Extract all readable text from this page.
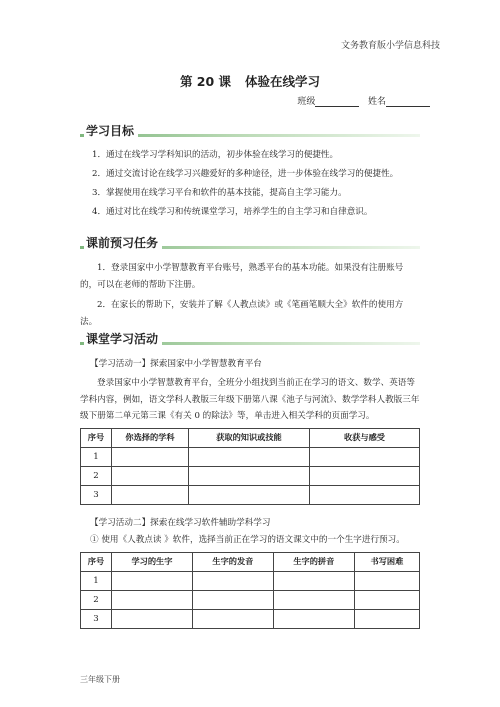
文务教育版小学信息科技
第 20 课 体验在线学习
班级	姓名
学习目标
1．通过在线学习学科知识的活动，初步体验在线学习的便捷性。
2．通过交流讨论在线学习兴趣爱好的多种途径，进一步体验在线学习的便捷性。
3．掌握使用在线学习平台和软件的基本技能，提高自主学习能力。
4．通过对比在线学习和传统课堂学习，培养学生的自主学习和自律意识。
课前预习任务
1．登录国家中小学智慧教育平台账号，熟悉平台的基本功能。如果没有注册账号的，可以在老师的帮助下注册。
2．在家长的帮助下，安装并了解《人教点读》或《笔画笔顺大全》软件的使用方法。
课堂学习活动
【学习活动一】探索国家中小学智慧教育平台
登录国家中小学智慧教育平台，全班分小组找到当前正在学习的语文、数学、英语等学科内容，例如，语文学科人教版三年级下册第八课《池子与河流》、数学学科人教版三年级下册第二单元第三课《有关 0 的除法》等，单击进入相关学科的页面学习。
序号	你选择的学科	获取的知识或技能	收获与感受
1			
2			
3			
【学习活动二】探索在线学习软件辅助学科学习
① 使用《人教点读 》软件，选择当前正在学习的语文课文中的一个生字进行预习。
序号	学习的生字	生字的发音	生字的拼音	书写困难
1				
2				
3				
三年级下册
